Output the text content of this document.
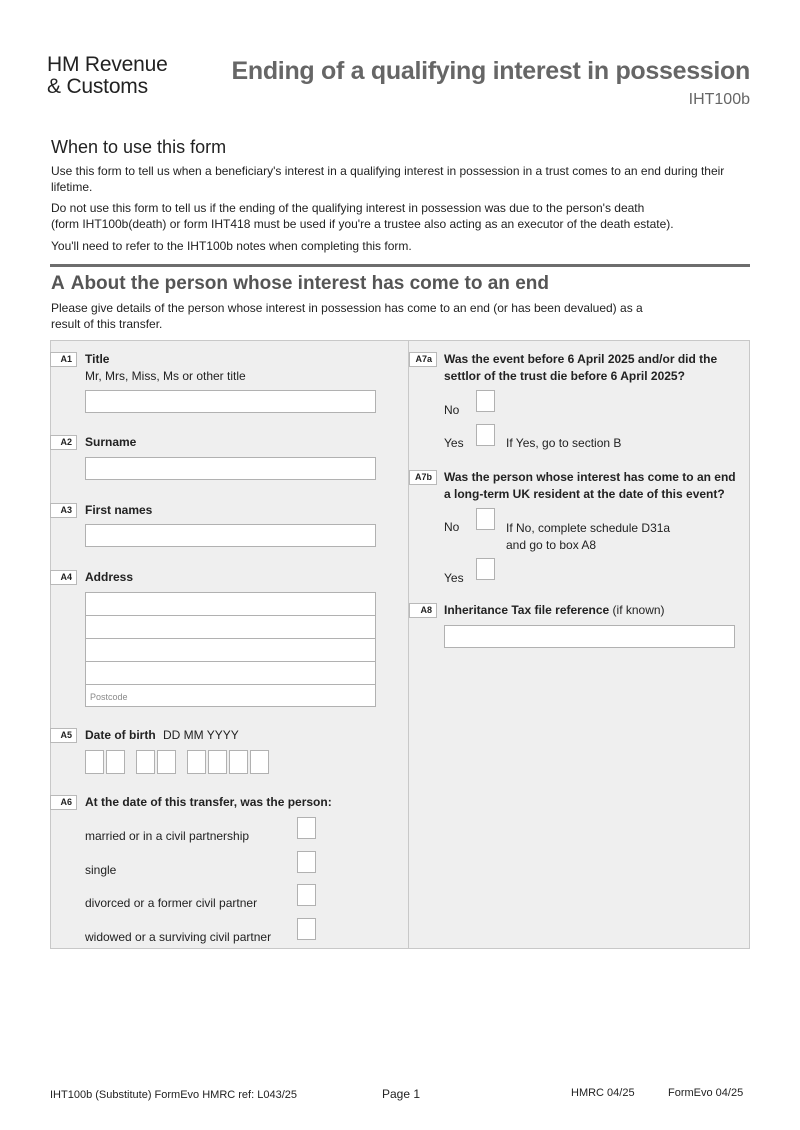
HM Revenue
& Customs
Ending of a qualifying interest in possession
IHT100b
When to use this form
Use this form to tell us when a beneficiary's interest in a qualifying interest in possession in a trust comes to an end during their lifetime.
Do not use this form to tell us if the ending of the qualifying interest in possession was due to the person's death
(form IHT100b(death) or form IHT418 must be used if you're a trustee also acting as an executor of the death estate).
You'll need to refer to the IHT100b notes when completing this form.
A About the person whose interest has come to an end
Please give details of the person whose interest in possession has come to an end (or has been devalued) as a
result of this transfer.
A1	Title
Mr, Mrs, Miss, Ms or other title
A2	Surname
A3	First names
A4	Address
Postcode
A5	Date of birth DD MM YYYY
A6	At the date of this transfer, was the person:
married or in a civil partnership
single
divorced or a former civil partner
widowed or a surviving civil partner
A7a	Was the event before 6 April 2025 and/or did the
settlor of the trust die before 6 April 2025?
No
Yes	If Yes, go to section B
A7b	Was the person whose interest has come to an end
a long-term UK resident at the date of this event?
No	If No, complete schedule D31a
and go to box A8
Yes
A8	Inheritance Tax file reference (if known)
IHT100b (Substitute) FormEvo HMRC ref: L043/25	Page 1	HMRC 04/25	FormEvo 04/25
